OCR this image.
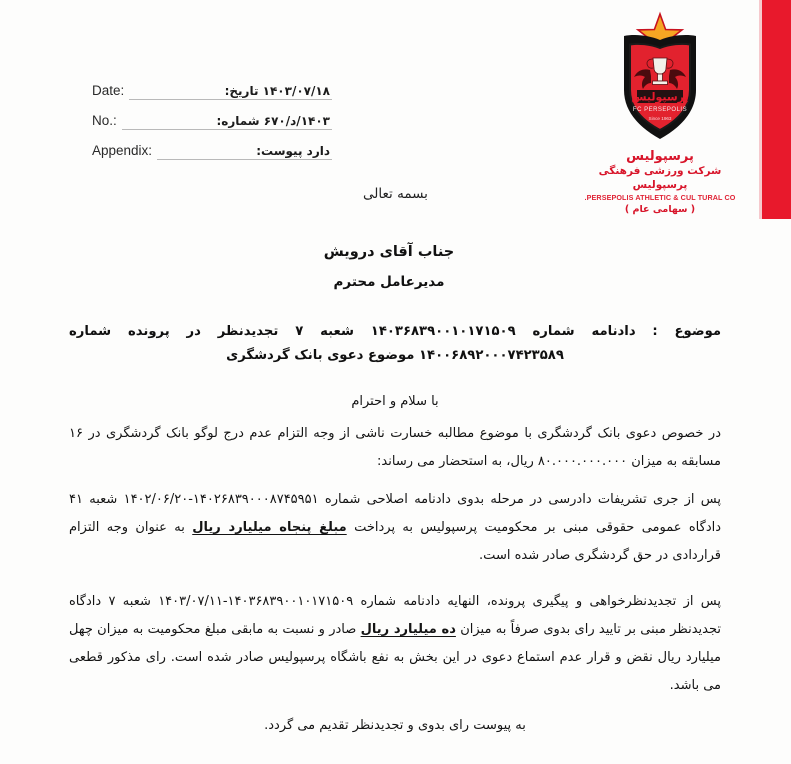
پرسپولیس
FC PERSEPOLIS
Since 1963
پرسپولیس
شرکت ورزشی فرهنگی پرسپولیس
PERSEPOLIS ATHLETIC & CUL TURAL CO.
( سهامی عام )
Date:	۱۴۰۳/۰۷/۱۸ تاریخ:
No.:	۱۴۰۳/د/۶۷۰ شماره:
Appendix:	دارد پیوست:
بسمه تعالی
جناب آقای درویش
مدیرعامل محترم
موضوع : دادنامه شماره ۱۴۰۳۶۸۳۹۰۰۱۰۱۷۱۵۰۹ شعبه ۷ تجدیدنظر در پرونده شماره ۱۴۰۰۶۸۹۲۰۰۰۷۴۲۳۵۸۹ موضوع دعوی بانک گردشگری
با سلام و احترام
در خصوص دعوی بانک گردشگری با موضوع مطالبه خسارت ناشی از وجه التزام عدم درج لوگو بانک گردشگری در ۱۶ مسابقه به میزان ۸۰.۰۰۰.۰۰۰.۰۰۰ ریال، به استحضار می رساند:
پس از جری تشریفات دادرسی در مرحله بدوی دادنامه اصلاحی شماره ۱۴۰۲۶۸۳۹۰۰۰۸۷۴۵۹۵۱-۱۴۰۲/۰۶/۲۰ شعبه ۴۱ دادگاه عمومی حقوقی مبنی بر محکومیت پرسپولیس به پرداخت مبلغ پنجاه میلیارد ریال به عنوان وجه التزام قراردادی در حق گردشگری صادر شده است.
پس از تجدیدنظرخواهی و پیگیری پرونده، النهایه دادنامه شماره ۱۴۰۳۶۸۳۹۰۰۱۰۱۷۱۵۰۹-۱۴۰۳/۰۷/۱۱ شعبه ۷ دادگاه تجدیدنظر مبنی بر تایید رای بدوی صرفاً به میزان ده میلیارد ریال صادر و نسبت به مابقی مبلغ محکومیت به میزان چهل میلیارد ریال نقض و قرار عدم استماع دعوی در این بخش به نفع باشگاه پرسپولیس صادر شده است. رای مذکور قطعی می باشد.
به پیوست رای بدوی و تجدیدنظر تقدیم می گردد.
